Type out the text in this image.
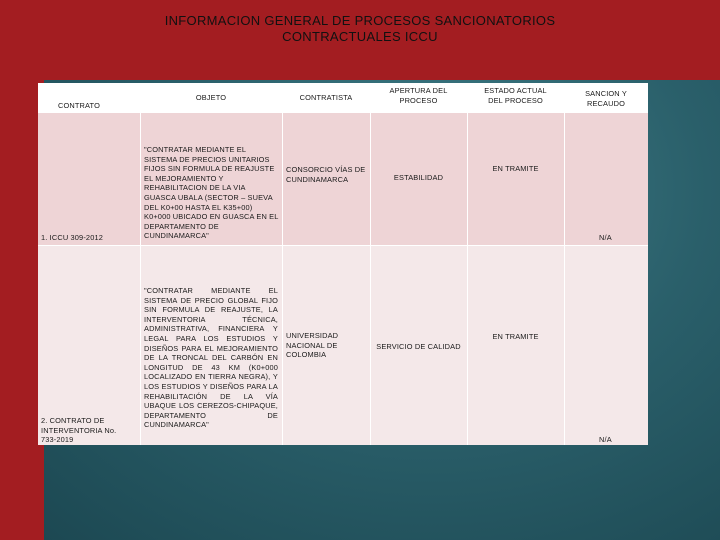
INFORMACION GENERAL DE PROCESOS SANCIONATORIOS
CONTRACTUALES ICCU
CONTRATO
OBJETO	CONTRATISTA
APERTURA DEL PROCESO
ESTADO ACTUAL DEL PROCESO
SANCION Y RECAUDO
1. ICCU 309-2012
"CONTRATAR MEDIANTE EL SISTEMA DE PRECIOS UNITARIOS FIJOS SIN FORMULA DE REAJUSTE EL MEJORAMIENTO Y REHABILITACION DE LA VIA GUASCA UBALA (SECTOR – SUEVA DEL K0+00 HASTA EL K35+00) K0+000 UBICADO EN GUASCA EN EL DEPARTAMENTO DE CUNDINAMARCA"
CONSORCIO VÍAS DE CUNDINAMARCA	ESTABILIDAD
EN TRAMITE
N/A
2. CONTRATO DE INTERVENTORIA No. 733-2019
"CONTRATAR MEDIANTE EL SISTEMA DE PRECIO GLOBAL FIJO SIN FORMULA DE REAJUSTE, LA INTERVENTORIA TÉCNICA, ADMINISTRATIVA, FINANCIERA Y LEGAL PARA LOS ESTUDIOS Y DISEÑOS PARA EL MEJORAMIENTO DE LA TRONCAL DEL CARBÓN EN LONGITUD DE 43 KM (K0+000 LOCALIZADO EN TIERRA NEGRA), Y LOS ESTUDIOS Y DISEÑOS PARA LA REHABILITACIÓN DE LA VÍA UBAQUE LOS CEREZOS-CHIPAQUE, DEPARTAMENTO DE CUNDINAMARCA"
UNIVERSIDAD NACIONAL DE COLOMBIA
SERVICIO DE CALIDAD
EN TRAMITE
N/A
